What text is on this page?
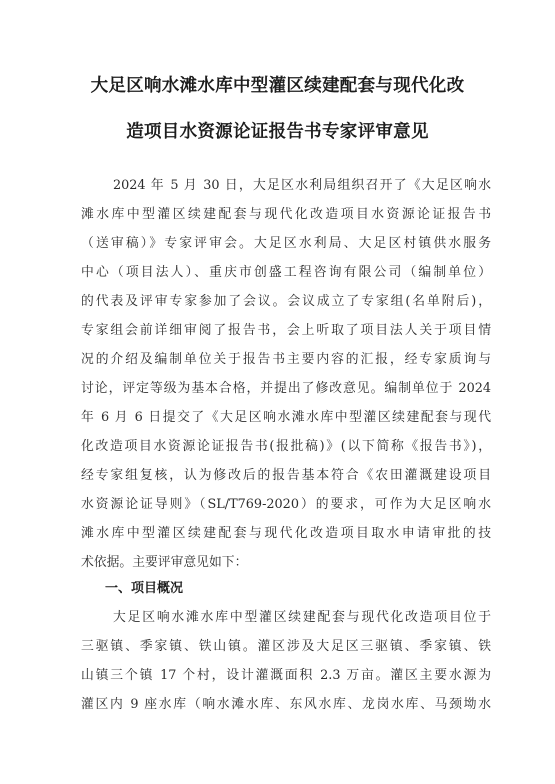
大足区响水滩水库中型灌区续建配套与现代化改
造项目水资源论证报告书专家评审意见
2024 年 5 月 30 日，大足区水利局组织召开了《大足区响水
滩水库中型灌区续建配套与现代化改造项目水资源论证报告书
（送审稿）》专家评审会。大足区水利局、大足区村镇供水服务
中心（项目法人）、重庆市创盛工程咨询有限公司（编制单位）
的代表及评审专家参加了会议。会议成立了专家组(名单附后)，
专家组会前详细审阅了报告书，会上听取了项目法人关于项目情
况的介绍及编制单位关于报告书主要内容的汇报，经专家质询与
讨论，评定等级为基本合格，并提出了修改意见。编制单位于 2024
年 6 月 6 日提交了《大足区响水滩水库中型灌区续建配套与现代
化改造项目水资源论证报告书(报批稿)》(以下简称《报告书》)，
经专家组复核，认为修改后的报告基本符合《农田灌溉建设项目
水资源论证导则》（SL/T769-2020）的要求，可作为大足区响水
滩水库中型灌区续建配套与现代化改造项目取水申请审批的技
术依据。主要评审意见如下：
一、项目概况
大足区响水滩水库中型灌区续建配套与现代化改造项目位于
三驱镇、季家镇、铁山镇。灌区涉及大足区三驱镇、季家镇、铁
山镇三个镇 17 个村，设计灌溉面积 2.3 万亩。灌区主要水源为
灌区内 9 座水库（响水滩水库、东风水库、龙岗水库、马颈坳水
